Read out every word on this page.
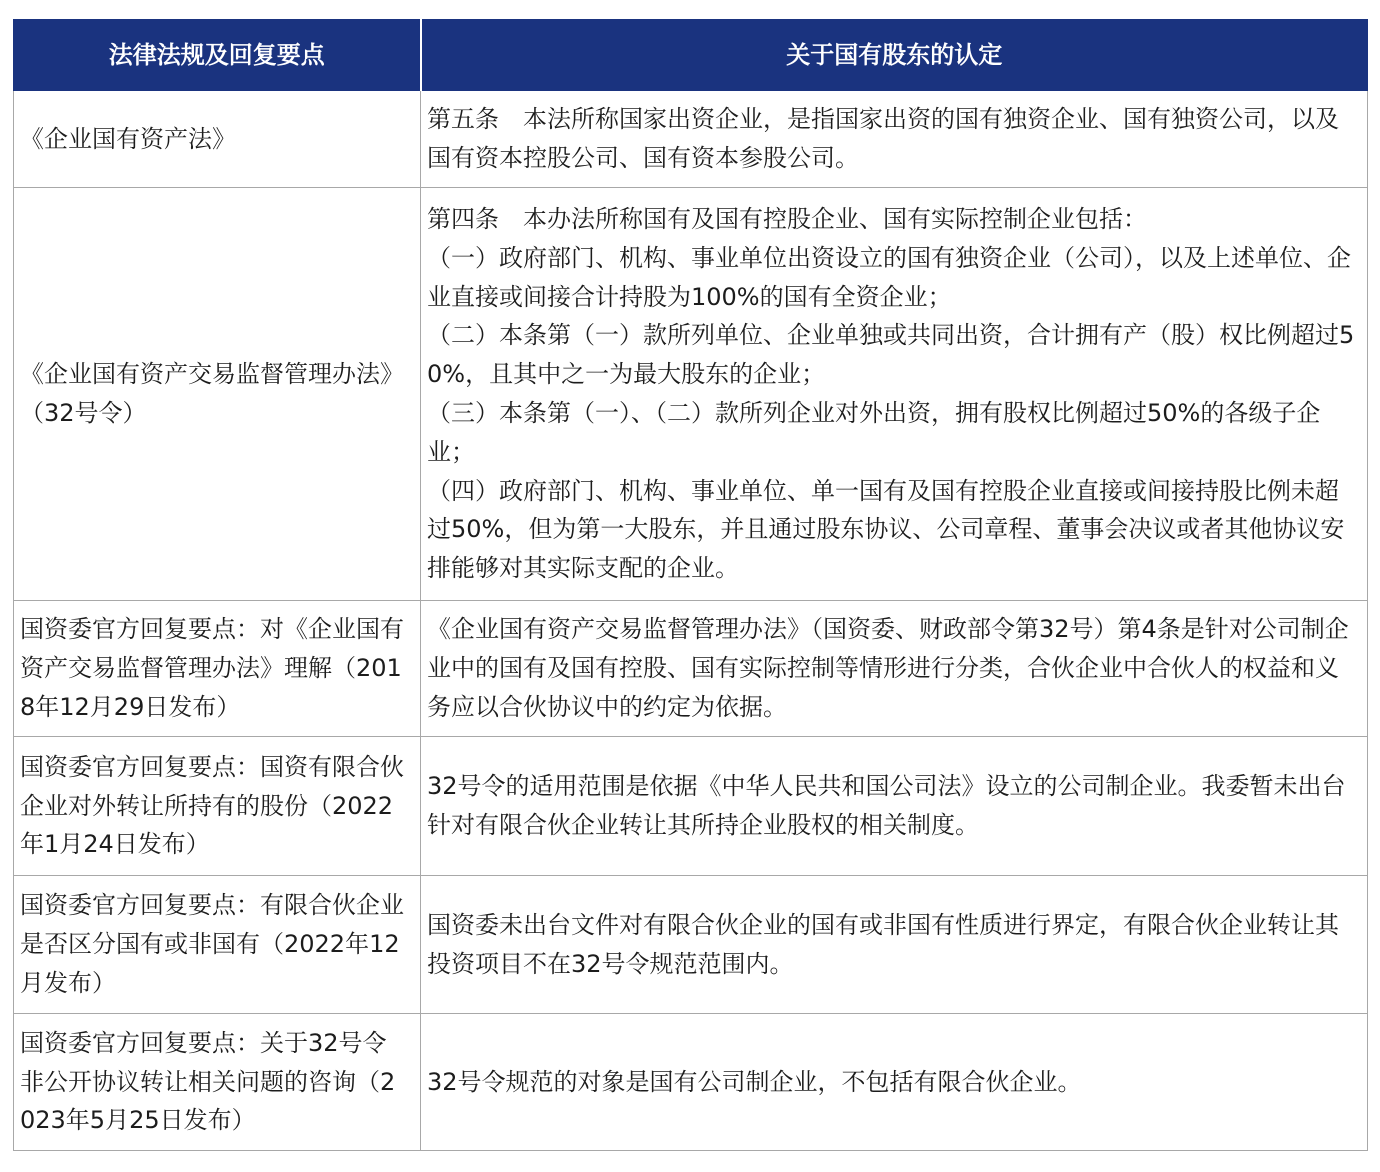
法律法规及回复要点	关于国有股东的认定
《企业国有资产法》	第五条　本法所称国家出资企业，是指国家出资的国有独资企业、国有独资公司，以及国有资本控股公司、国有资本参股公司。
《企业国有资产交易监督管理办法》（32号令）	第四条　本办法所称国有及国有控股企业、国有实际控制企业包括：
（一）政府部门、机构、事业单位出资设立的国有独资企业（公司），以及上述单位、企业直接或间接合计持股为100%的国有全资企业；
（二）本条第（一）款所列单位、企业单独或共同出资，合计拥有产（股）权比例超过50%，且其中之一为最大股东的企业；
（三）本条第（一）、（二）款所列企业对外出资，拥有股权比例超过50%的各级子企业；
（四）政府部门、机构、事业单位、单一国有及国有控股企业直接或间接持股比例未超过50%，但为第一大股东，并且通过股东协议、公司章程、董事会决议或者其他协议安排能够对其实际支配的企业。

国资委官方回复要点：对《企业国有资产交易监督管理办法》理解（2018年12月29日发布）	《企业国有资产交易监督管理办法》（国资委、财政部令第32号）第4条是针对公司制企业中的国有及国有控股、国有实际控制等情形进行分类，合伙企业中合伙人的权益和义务应以合伙协议中的约定为依据。
国资委官方回复要点：国资有限合伙企业对外转让所持有的股份（2022年1月24日发布）	32号令的适用范围是依据《中华人民共和国公司法》设立的公司制企业。我委暂未出台针对有限合伙企业转让其所持企业股权的相关制度。
国资委官方回复要点：有限合伙企业是否区分国有或非国有（2022年12月发布）	国资委未出台文件对有限合伙企业的国有或非国有性质进行界定，有限合伙企业转让其投资项目不在32号令规范范围内。
国资委官方回复要点：关于32号令非公开协议转让相关问题的咨询（2023年5月25日发布）	32号令规范的对象是国有公司制企业，不包括有限合伙企业。
